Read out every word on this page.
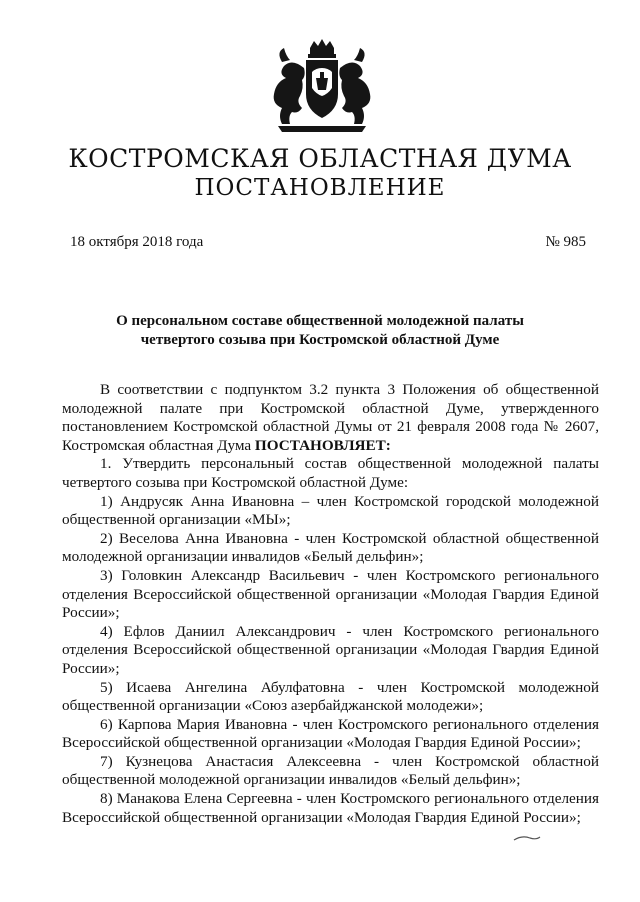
КОСТРОМСКАЯ ОБЛАСТНАЯ ДУМА
ПОСТАНОВЛЕНИЕ
18 октября 2018 года	№ 985
О персональном составе общественной молодежной палаты
четвертого созыва при Костромской областной Думе

В соответствии с подпунктом 3.2 пункта 3 Положения об общественной молодежной палате при Костромской областной Думе, утвержденного постановлением Костромской областной Думы от 21 февраля 2008 года № 2607, Костромская областная Дума ПОСТАНОВЛЯЕТ:

1. Утвердить персональный состав общественной молодежной палаты четвертого созыва при Костромской областной Думе:

1) Андрусяк Анна Ивановна – член Костромской городской молодежной общественной организации «МЫ»;

2) Веселова Анна Ивановна - член Костромской областной общественной молодежной организации инвалидов «Белый дельфин»;

3) Головкин Александр Васильевич - член Костромского регионального отделения Всероссийской общественной организации «Молодая Гвардия Единой России»;

4) Ефлов Даниил Александрович - член Костромского регионального отделения Всероссийской общественной организации «Молодая Гвардия Единой России»;

5) Исаева Ангелина Абулфатовна - член Костромской молодежной общественной организации «Союз азербайджанской молодежи»;

6) Карпова Мария Ивановна - член Костромского регионального отделения Всероссийской общественной организации «Молодая Гвардия Единой России»;

7) Кузнецова Анастасия Алексеевна - член Костромской областной общественной молодежной организации инвалидов «Белый дельфин»;

8) Манакова Елена Сергеевна - член Костромского регионального отделения Всероссийской общественной организации «Молодая Гвардия Единой России»;
